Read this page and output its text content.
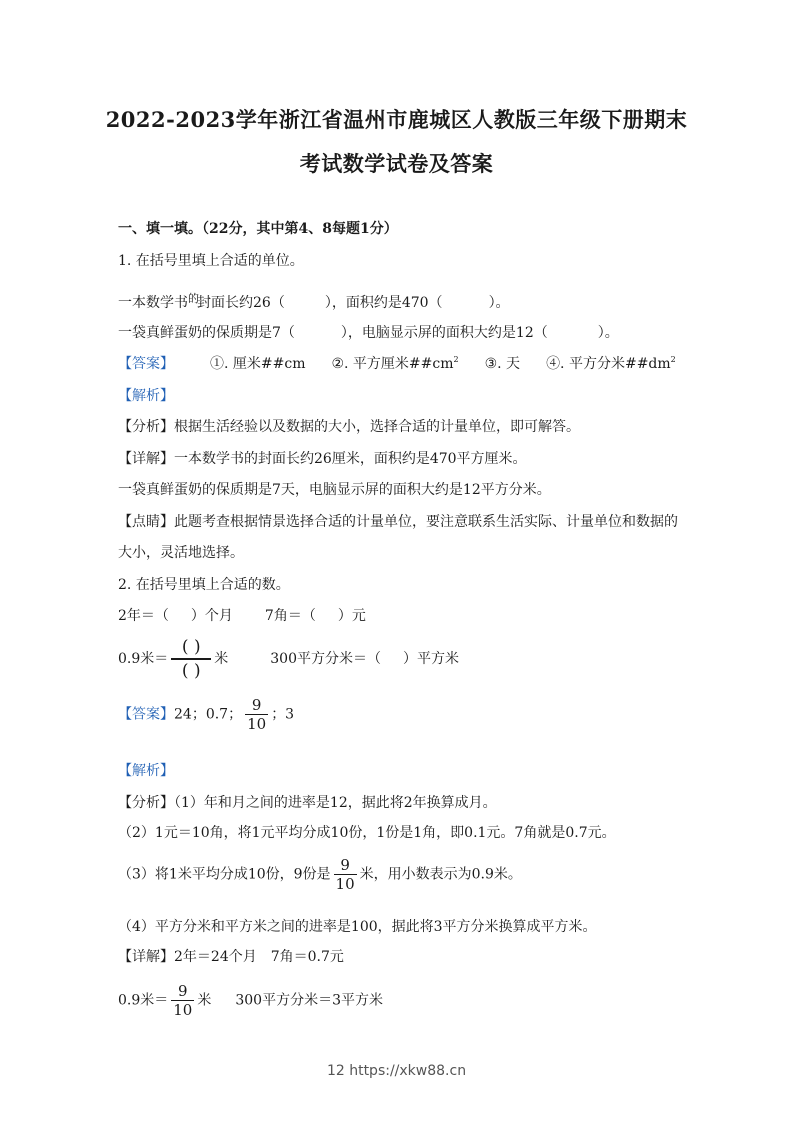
2022-2023学年浙江省温州市鹿城区人教版三年级下册期末
考试数学试卷及答案
一、填一填。（22分，其中第4、8每题1分）
1. 在括号里填上合适的单位。
一本数学书$^的$封面长约26（	），面积约是470（	）。
一袋真鲜蛋奶的保质期是7（	），电脑显示屏的面积大约是12（	）。
【答案】	①. 厘米##cm ②. 平方厘米$\#\#cm^2$ ③. 天 ④. 平方分米$\#\#dm^2$
【解析】
【分析】根据生活经验以及数据的大小，选择合适的计量单位，即可解答。
【详解】一本数学书的封面长约26厘米，面积约是470平方厘米。
一袋真鲜蛋奶的保质期是7天，电脑显示屏的面积大约是12平方分米。
【点睛】此题考查根据情景选择合适的计量单位，要注意联系生活实际、计量单位和数据的
大小，灵活地选择。
2. 在括号里填上合适的数。
2年＝（ ）个月 7角＝（ ）元
0.9米＝ $\frac{( )}{( )}$ 米	300平方分米＝（ ）平方米
【答案】24；0.7； $\frac{9}{10}$ ；3
【解析】
【分析】（1）年和月之间的进率是12，据此将2年换算成月。
（2）1元＝10角，将1元平均分成10份，1份是1角，即0.1元。7角就是0.7元。
（3）将1米平均分成10份，9份是 $\frac{9}{10}$ 米，用小数表示为0.9米。
（4）平方分米和平方米之间的进率是100，据此将3平方分米换算成平方米。
【详解】2年＝24个月　7角＝0.7元
0.9米＝ $\frac{9}{10}$ 米 300平方分米＝3平方米
12 https://xkw88.cn
